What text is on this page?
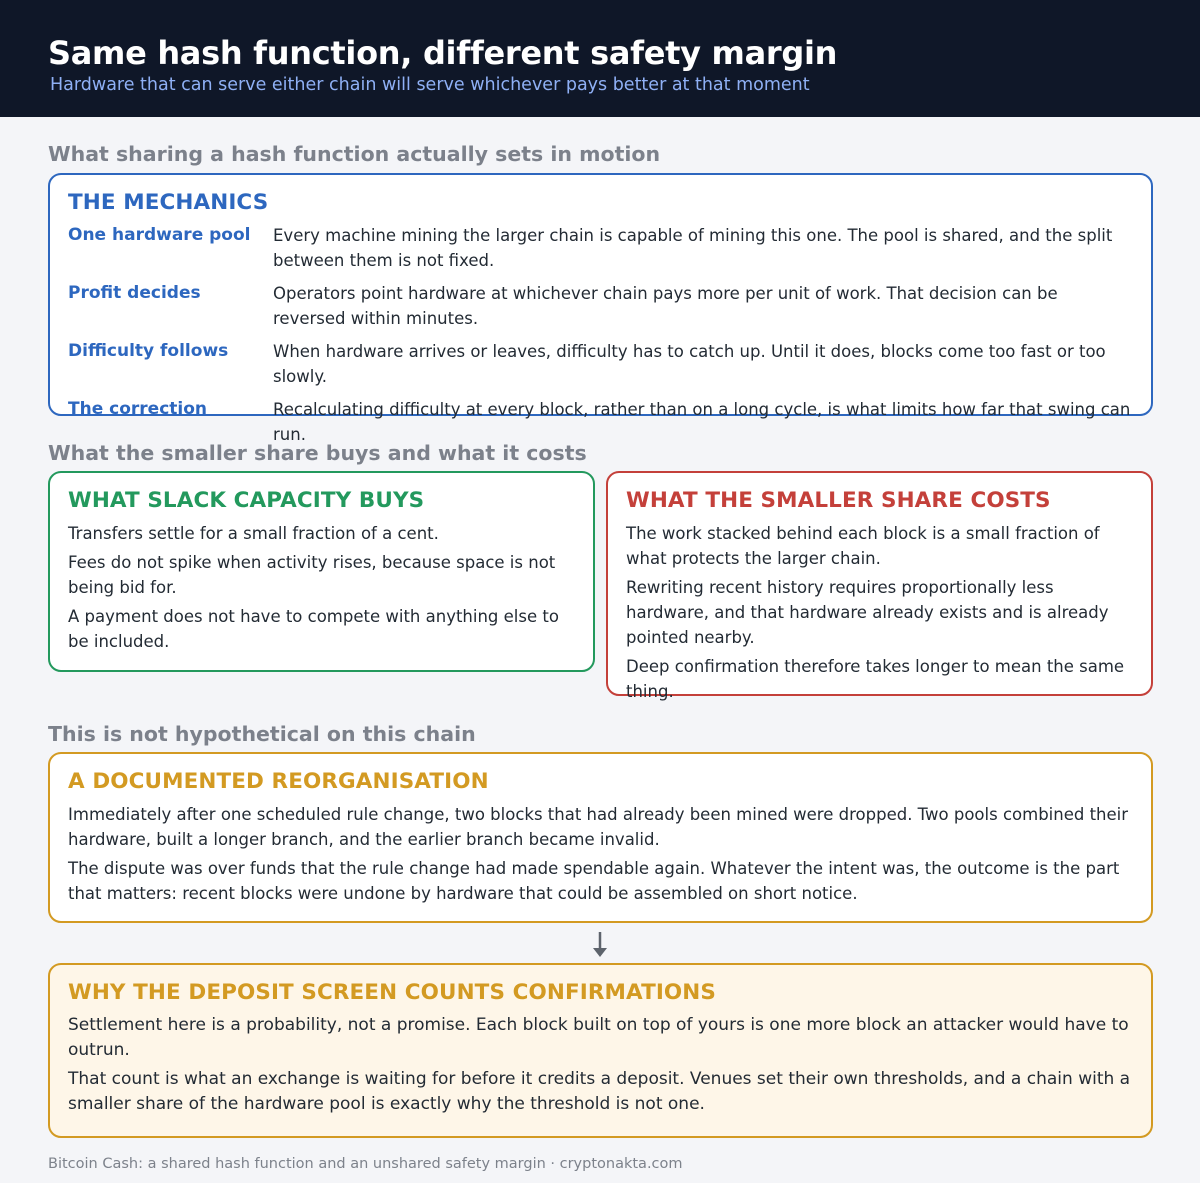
Same hash function, different safety margin
Hardware that can serve either chain will serve whichever pays better at that moment
What sharing a hash function actually sets in motion
THE MECHANICS
One hardware pool	Every machine mining the larger chain is capable of mining this one. The pool is shared, and the split between them is not fixed.
Profit decides	Operators point hardware at whichever chain pays more per unit of work. That decision can be reversed within minutes.
Difficulty follows	When hardware arrives or leaves, difficulty has to catch up. Until it does, blocks come too fast or too slowly.
The correction	Recalculating difficulty at every block, rather than on a long cycle, is what limits how far that swing can run.
What the smaller share buys and what it costs
WHAT SLACK CAPACITY BUYS

Transfers settle for a small fraction of a cent.

Fees do not spike when activity rises, because space is not being bid for.

A payment does not have to compete with anything else to be included.

WHAT THE SMALLER SHARE COSTS

The work stacked behind each block is a small fraction of what protects the larger chain.

Rewriting recent history requires proportionally less hardware, and that hardware already exists and is already pointed nearby.

Deep confirmation therefore takes longer to mean the same thing.

This is not hypothetical on this chain
A DOCUMENTED REORGANISATION

Immediately after one scheduled rule change, two blocks that had already been mined were dropped. Two pools combined their hardware, built a longer branch, and the earlier branch became invalid.

The dispute was over funds that the rule change had made spendable again. Whatever the intent was, the outcome is the part that matters: recent blocks were undone by hardware that could be assembled on short notice.

WHY THE DEPOSIT SCREEN COUNTS CONFIRMATIONS

Settlement here is a probability, not a promise. Each block built on top of yours is one more block an attacker would have to outrun.

That count is what an exchange is waiting for before it credits a deposit. Venues set their own thresholds, and a chain with a smaller share of the hardware pool is exactly why the threshold is not one.

Bitcoin Cash: a shared hash function and an unshared safety margin · cryptonakta.com
